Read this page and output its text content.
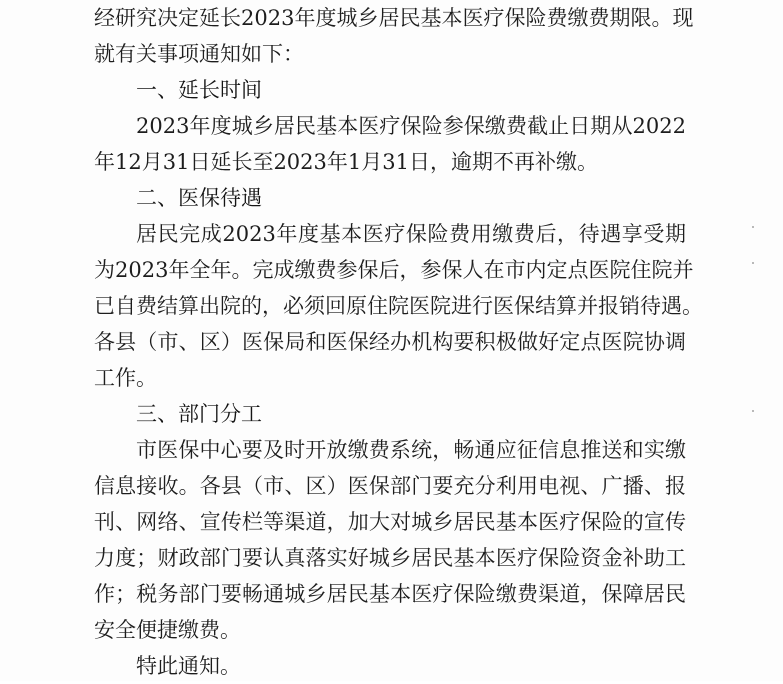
经研究决定延长2023年度城乡居民基本医疗保险费缴费期限。现
就有关事项通知如下：
一、延长时间
2023年度城乡居民基本医疗保险参保缴费截止日期从2022
年12月31日延长至2023年1月31日，逾期不再补缴。
二、医保待遇
居民完成2023年度基本医疗保险费用缴费后，待遇享受期
为2023年全年。完成缴费参保后，参保人在市内定点医院住院并
已自费结算出院的，必须回原住院医院进行医保结算并报销待遇。
各县（市、区）医保局和医保经办机构要积极做好定点医院协调
工作。
三、部门分工
市医保中心要及时开放缴费系统，畅通应征信息推送和实缴
信息接收。各县（市、区）医保部门要充分利用电视、广播、报
刊、网络、宣传栏等渠道，加大对城乡居民基本医疗保险的宣传
力度；财政部门要认真落实好城乡居民基本医疗保险资金补助工
作；税务部门要畅通城乡居民基本医疗保险缴费渠道，保障居民
安全便捷缴费。
特此通知。
